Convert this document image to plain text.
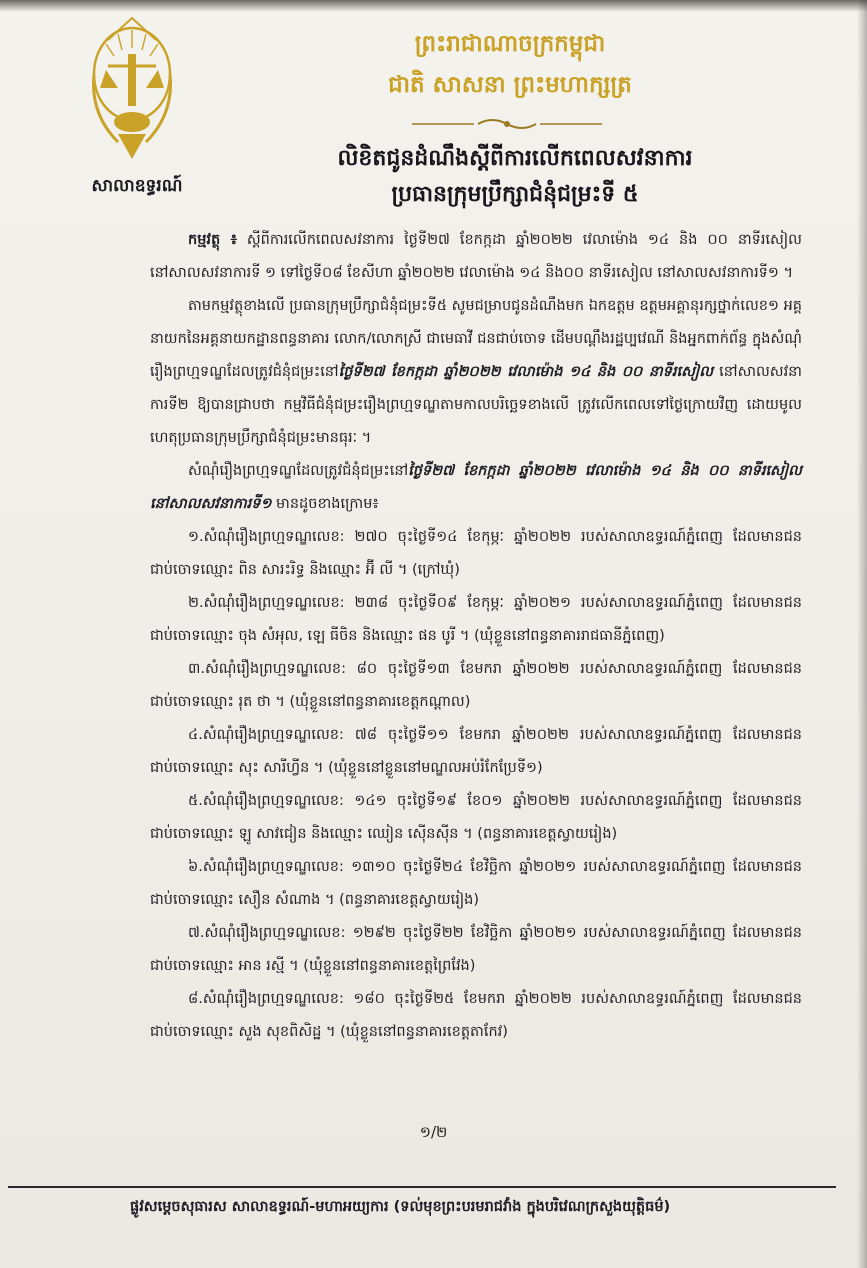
សាលាឧទ្ធរណ៍
ព្រះរាជាណាចក្រកម្ពុជា
ជាតិ សាសនា ព្រះមហាក្សត្រ
លិខិតជូនដំណឹងស្តីពីការលើកពេលសវនាការ
ប្រធានក្រុមប្រឹក្សាជំនុំជម្រះទី ៥

កម្មវត្ថុ ៖ ស្តីពីការលើកពេលសវនាការ ថ្ងៃទី២៧ ខែកក្កដា ឆ្នាំ២០២២ វេលាម៉ោង ១៤ និង ០០ នាទីរសៀល នៅសាលសវនាការទី ១ ទៅថ្ងៃទី០៨ ខែសីហា ឆ្នាំ២០២២ វេលាម៉ោង ១៤ និង០០ នាទីរសៀល នៅសាលសវនាការទី១ ។

តាមកម្មវត្ថុខាងលើ ប្រធានក្រុមប្រឹក្សាជំនុំជម្រះទី៥ សូមជម្រាបជូនដំណឹងមក ឯកឧត្តម ឧត្តមអគ្គានុរក្សថ្នាក់លេខ១ អគ្គនាយកនៃអគ្គនាយកដ្ឋានពន្ធនាគារ លោក/លោកស្រី ជាមេធាវី ជនជាប់ចោទ ដើមបណ្តឹងរដ្ឋប្បវេណី និងអ្នកពាក់ព័ន្ធ ក្នុងសំណុំរឿងព្រហ្មទណ្ឌដែលត្រូវជំនុំជម្រះនៅថ្ងៃទី២៧ ខែកក្កដា ឆ្នាំ២០២២ វេលាម៉ោង ១៤ និង ០០ នាទីរសៀល នៅសាលសវនាការទី២ ឱ្យបានជ្រាបថា កម្មវិធីជំនុំជម្រះរឿងព្រហ្មទណ្ឌតាមកាលបរិច្ឆេទខាងលើ ត្រូវលើកពេលទៅថ្ងៃក្រោយវិញ ដោយមូលហេតុប្រធានក្រុមប្រឹក្សាជំនុំជម្រះមានធុរៈ ។

សំណុំរឿងព្រហ្មទណ្ឌដែលត្រូវជំនុំជម្រះនៅថ្ងៃទី២៧ ខែកក្កដា ឆ្នាំ២០២២ វេលាម៉ោង ១៤ និង ០០ នាទីរសៀល នៅសាលសវនាការទី១ មានដូចខាងក្រោម៖

១.សំណុំរឿងព្រហ្មទណ្ឌលេខ: ២៧០ ចុះថ្ងៃទី១៤ ខែកុម្ភៈ ឆ្នាំ២០២២ របស់សាលាឧទ្ធរណ៍ភ្នំពេញ ដែលមានជនជាប់ចោទឈ្មោះ ពិន សារះរិទ្ធ និងឈ្មោះ អ៊ី លី ។ (ក្រៅឃុំ)

២.សំណុំរឿងព្រហ្មទណ្ឌលេខ: ២៣៨ ចុះថ្ងៃទី០៩ ខែកុម្ភៈ ឆ្នាំ២០២១ របស់សាលាឧទ្ធរណ៍ភ្នំពេញ ដែលមានជនជាប់ចោទឈ្មោះ ចុង សំអុល, ឡេ ធីចិន និងឈ្មោះ ផន បូរី ។ (ឃុំខ្លួននៅពន្ធនាគាររាជធានីភ្នំពេញ)

៣.សំណុំរឿងព្រហ្មទណ្ឌលេខ: ៨០ ចុះថ្ងៃទី១៣ ខែមករា ឆ្នាំ២០២២ របស់សាលាឧទ្ធរណ៍ភ្នំពេញ ដែលមានជនជាប់ចោទឈ្មោះ រុត ថា ។ (ឃុំខ្លួននៅពន្ធនាគារខេត្តកណ្តាល)

៤.សំណុំរឿងព្រហ្មទណ្ឌលេខ: ៧៨ ចុះថ្ងៃទី១១ ខែមករា ឆ្នាំ២០២២ របស់សាលាឧទ្ធរណ៍ភ្នំពេញ ដែលមានជនជាប់ចោទឈ្មោះ សុះ សារីហ្វីន ។ (ឃុំខ្លួននៅខ្លួននៅមណ្ឌលអប់រំកែប្រែទី១)

៥.សំណុំរឿងព្រហ្មទណ្ឌលេខ: ១៤១ ចុះថ្ងៃទី១៩ ខែ០១ ឆ្នាំ២០២២ របស់សាលាឧទ្ធរណ៍ភ្នំពេញ ដែលមានជនជាប់ចោទឈ្មោះ ឡូ សាវជៀន និងឈ្មោះ ឈៀន ស៊ើនស៊ីន ។ (ពន្ធនាគារខេត្តស្វាយរៀង)

៦.សំណុំរឿងព្រហ្មទណ្ឌលេខ: ១៣១០ ចុះថ្ងៃទី២៤ ខែវិច្ឆិកា ឆ្នាំ២០២១ របស់សាលាឧទ្ធរណ៍ភ្នំពេញ ដែលមានជនជាប់ចោទឈ្មោះ សឿន សំណាង ។ (ពន្ធនាគារខេត្តស្វាយរៀង)

៧.សំណុំរឿងព្រហ្មទណ្ឌលេខ: ១២៩២ ចុះថ្ងៃទី២២ ខែវិច្ឆិកា ឆ្នាំ២០២១ របស់សាលាឧទ្ធរណ៍ភ្នំពេញ ដែលមានជនជាប់ចោទឈ្មោះ អាន រស្មី ។ (ឃុំខ្លួននៅពន្ធនាគារខេត្តព្រៃវែង)

៨.សំណុំរឿងព្រហ្មទណ្ឌលេខ: ១៨០ ចុះថ្ងៃទី២៥ ខែមករា ឆ្នាំ២០២២ របស់សាលាឧទ្ធរណ៍ភ្នំពេញ ដែលមានជនជាប់ចោទឈ្មោះ សួង សុខពិសិដ្ឋ ។ (ឃុំខ្លួននៅពន្ធនាគារខេត្តតាកែវ)

១/២
ផ្លូវសម្តេចសុធារស សាលាឧទ្ធរណ៍-មហាអយ្យការ (ទល់មុខព្រះបរមរាជវាំង ក្នុងបរិវេណក្រសួងយុត្តិធម៌)
